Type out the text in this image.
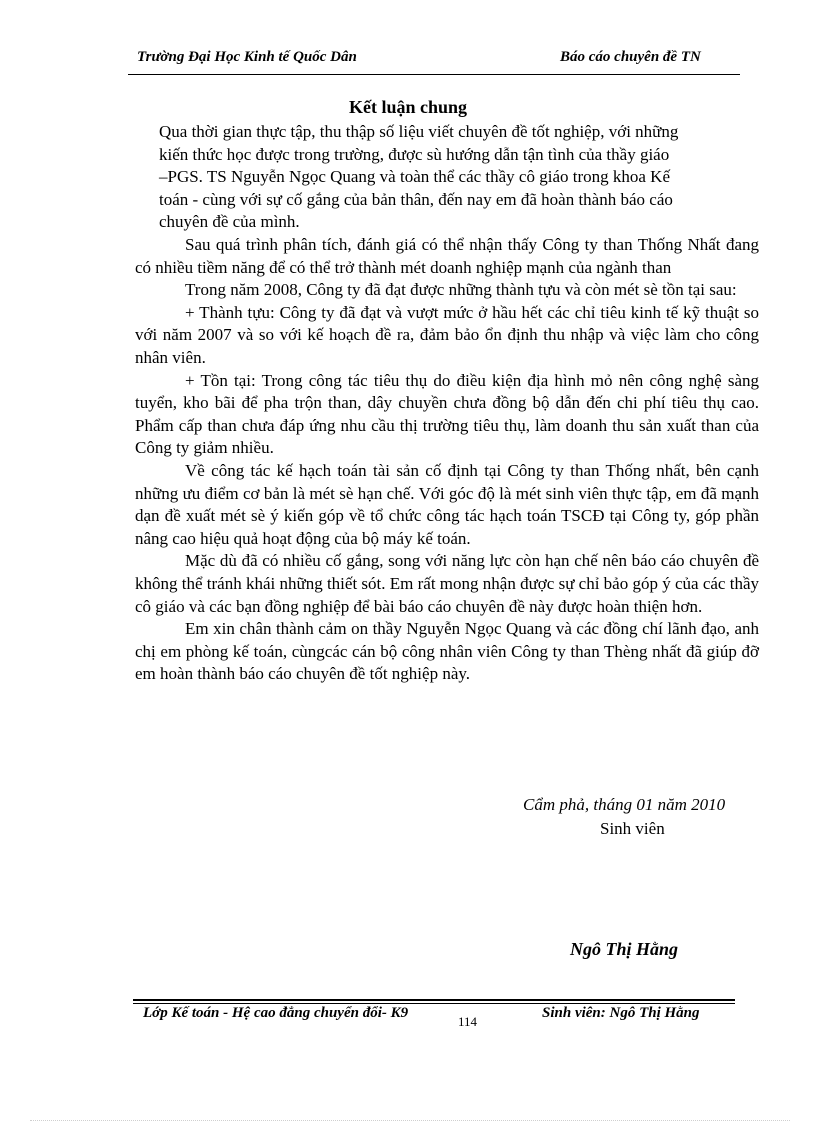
Trường Đại Học Kinh tế Quốc Dân	Báo cáo chuyên đề TN
Kết luận chung
Qua thời gian thực tập, thu thập số liệu viết chuyên đề tốt nghiệp, với những
kiến thức học được trong trường, được sù hướng dẫn tận tình của thầy giáo
–PGS. TS Nguyễn Ngọc Quang và toàn thể các thầy cô giáo trong khoa Kế
toán - cùng với sự cố gắng của bản thân, đến nay em đã hoàn thành báo cáo
chuyên đề của mình.

Sau quá trình phân tích, đánh giá có thể nhận thấy Công ty than Thống Nhất đang có nhiều tiềm năng để có thể trở thành mét doanh nghiệp mạnh của ngành than

Trong năm 2008, Công ty đã đạt được những thành tựu và còn mét sè tồn tại sau:

+ Thành tựu: Công ty đã đạt và vượt mức ở hầu hết các chỉ tiêu kinh tế kỹ thuật so với năm 2007 và so với kế hoạch đề ra, đảm bảo ổn định thu nhập và việc làm cho công nhân viên.

+ Tồn tại: Trong công tác tiêu thụ do điều kiện địa hình mỏ nên công nghệ sàng tuyển, kho bãi để pha trộn than, dây chuyền chưa đồng bộ dẫn đến chi phí tiêu thụ cao. Phẩm cấp than chưa đáp ứng nhu cầu thị trường tiêu thụ, làm doanh thu sản xuất than của Công ty giảm nhiều.

Về công tác kế hạch toán tài sản cố định tại Công ty than Thống nhất, bên cạnh những ưu điểm cơ bản là mét sè hạn chế. Với góc độ là mét sinh viên thực tập, em đã mạnh dạn đề xuất mét sè ý kiến góp về tổ chức công tác hạch toán TSCĐ tại Công ty, góp phần nâng cao hiệu quả hoạt động của bộ máy kế toán.

Mặc dù đã có nhiều cố gắng, song với năng lực còn hạn chế nên báo cáo chuyên đề không thể tránh khái những thiết sót. Em rất mong nhận được sự chỉ bảo góp ý của các thầy cô giáo và các bạn đồng nghiệp để bài báo cáo chuyên đề này được hoàn thiện hơn.

Em xin chân thành cảm on thầy Nguyễn Ngọc Quang và các đồng chí lãnh đạo, anh chị em phòng kế toán, cùngcác cán bộ công nhân viên Công ty than Thèng nhất đã giúp đỡ em hoàn thành báo cáo chuyên đề tốt nghiệp này.

Cẩm phả, tháng 01 năm 2010
Sinh viên
Ngô Thị Hằng
Lớp Kế toán - Hệ cao đẳng chuyển đổi- K9
114
Sinh viên: Ngô Thị Hằng
